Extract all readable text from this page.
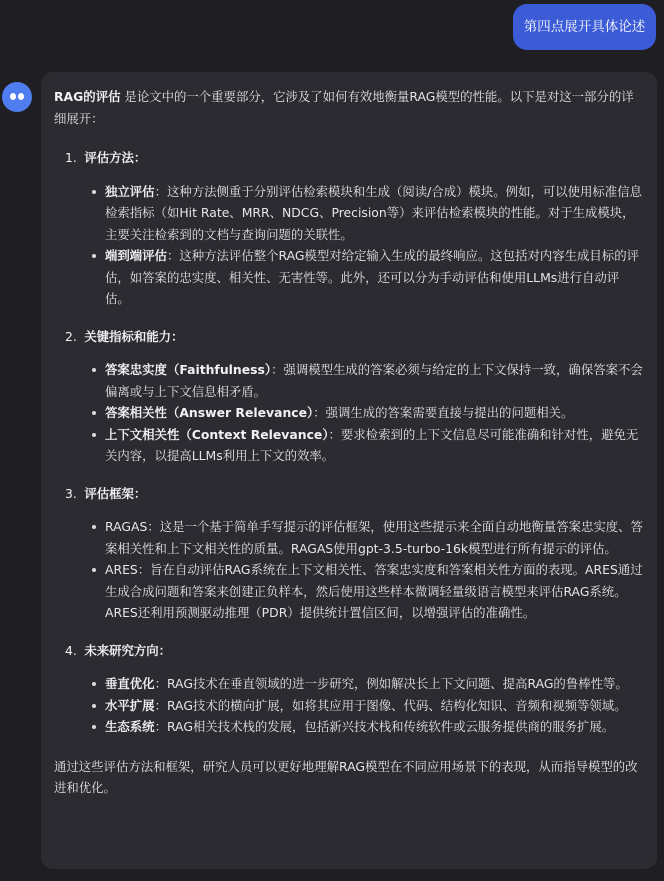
第四点展开具体论述

RAG的评估 是论文中的一个重要部分，它涉及了如何有效地衡量RAG模型的性能。以下是对这一部分的详细展开：

1. 评估方法：

独立评估：这种方法侧重于分别评估检索模块和生成（阅读/合成）模块。例如，可以使用标准信息检索指标（如Hit Rate、MRR、NDCG、Precision等）来评估检索模块的性能。对于生成模块，主要关注检索到的文档与查询问题的关联性。
端到端评估：这种方法评估整个RAG模型对给定输入生成的最终响应。这包括对内容生成目标的评估，如答案的忠实度、相关性、无害性等。此外，还可以分为手动评估和使用LLMs进行自动评估。

2. 关键指标和能力：

答案忠实度（Faithfulness）：强调模型生成的答案必须与给定的上下文保持一致，确保答案不会偏离或与上下文信息相矛盾。
答案相关性（Answer Relevance）：强调生成的答案需要直接与提出的问题相关。
上下文相关性（Context Relevance）：要求检索到的上下文信息尽可能准确和针对性，避免无关内容，以提高LLMs利用上下文的效率。

3. 评估框架：

RAGAS：这是一个基于简单手写提示的评估框架，使用这些提示来全面自动地衡量答案忠实度、答案相关性和上下文相关性的质量。RAGAS使用gpt-3.5-turbo-16k模型进行所有提示的评估。
ARES：旨在自动评估RAG系统在上下文相关性、答案忠实度和答案相关性方面的表现。ARES通过生成合成问题和答案来创建正负样本，然后使用这些样本微调轻量级语言模型来评估RAG系统。ARES还利用预测驱动推理（PDR）提供统计置信区间，以增强评估的准确性。

4. 未来研究方向：

垂直优化：RAG技术在垂直领域的进一步研究，例如解决长上下文问题、提高RAG的鲁棒性等。
水平扩展：RAG技术的横向扩展，如将其应用于图像、代码、结构化知识、音频和视频等领域。
生态系统：RAG相关技术栈的发展，包括新兴技术栈和传统软件或云服务提供商的服务扩展。

通过这些评估方法和框架，研究人员可以更好地理解RAG模型在不同应用场景下的表现，从而指导模型的改进和优化。
